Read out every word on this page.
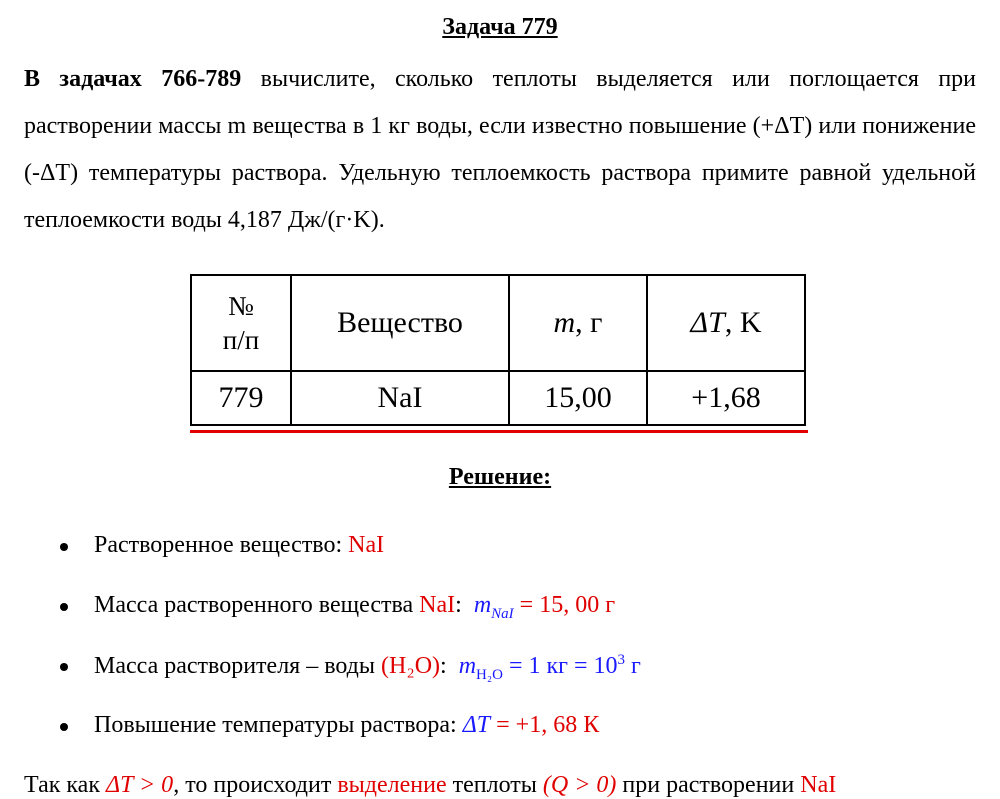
Задача 779
В задачах 766-789 вычислите, сколько теплоты выделяется или поглощается при растворении массы m вещества в 1 кг воды, если известно повышение (+ΔT) или понижение (-ΔT) температуры раствора. Удельную теплоемкость раствора примите равной удельной теплоемкости воды 4,187 Дж/(г·K).
№
п/п	Вещество	m, г	ΔT, K
779	NaI	15,00	+1,68
Решение:
Растворенное вещество: NaI
Масса растворенного вещества NaI: $m_{NaI} = 15$, 00 г
Масса растворителя – воды (H₂O): $m_{H_2O} = 1$ кг = $10^3$ г
Повышение температуры раствора: ΔT = +1, 68 К
Так как ΔT > 0, то происходит выделение теплоты (Q > 0) при растворении NaI
